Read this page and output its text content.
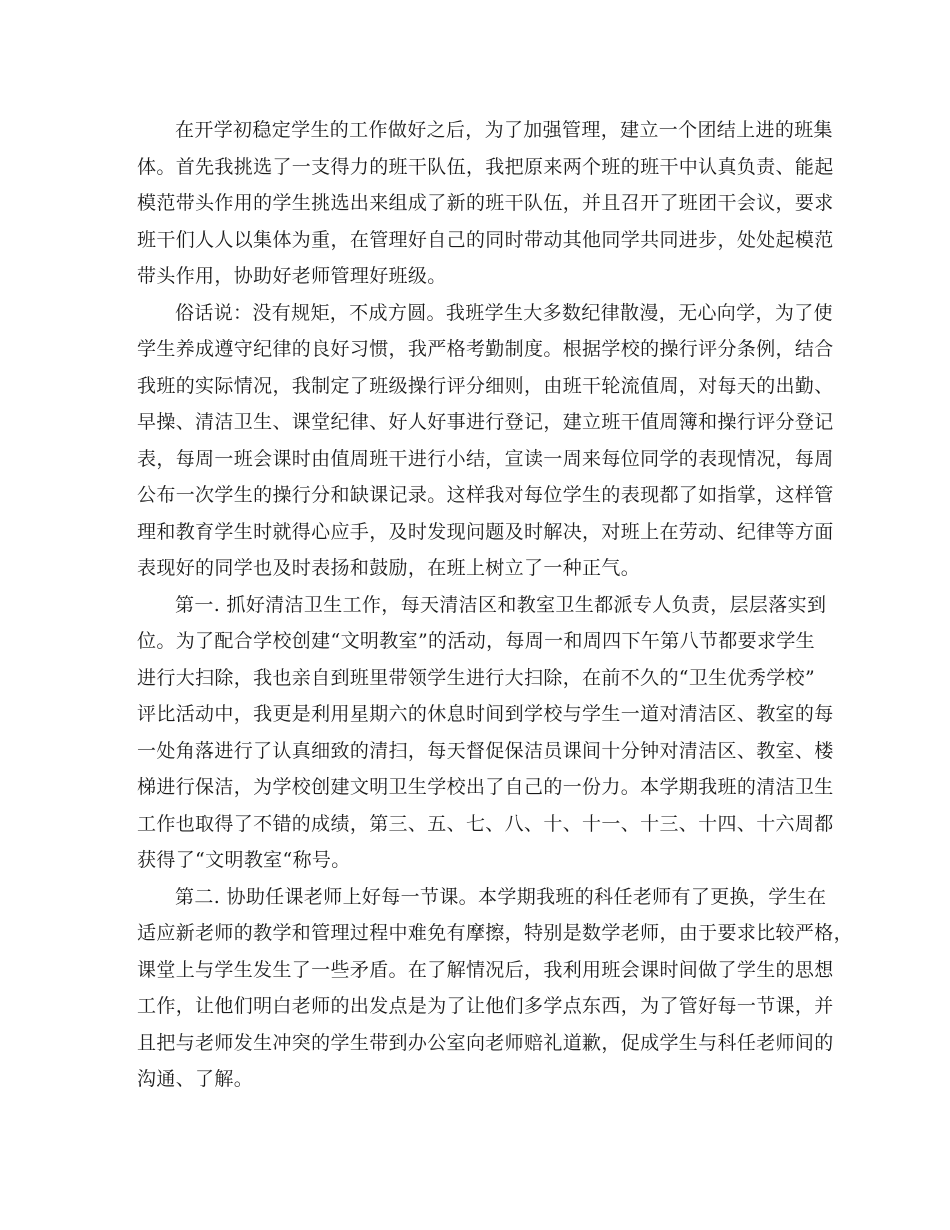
在开学初稳定学生的工作做好之后，为了加强管理，建立一个团结上进的班集
体。首先我挑选了一支得力的班干队伍，我把原来两个班的班干中认真负责、能起
模范带头作用的学生挑选出来组成了新的班干队伍，并且召开了班团干会议，要求
班干们人人以集体为重，在管理好自己的同时带动其他同学共同进步，处处起模范
带头作用，协助好老师管理好班级。

俗话说：没有规矩，不成方圆。我班学生大多数纪律散漫，无心向学，为了使
学生养成遵守纪律的良好习惯，我严格考勤制度。根据学校的操行评分条例，结合
我班的实际情况，我制定了班级操行评分细则，由班干轮流值周，对每天的出勤、
早操、清洁卫生、课堂纪律、好人好事进行登记，建立班干值周簿和操行评分登记
表，每周一班会课时由值周班干进行小结，宣读一周来每位同学的表现情况，每周
公布一次学生的操行分和缺课记录。这样我对每位学生的表现都了如指掌，这样管
理和教育学生时就得心应手，及时发现问题及时解决，对班上在劳动、纪律等方面
表现好的同学也及时表扬和鼓励，在班上树立了一种正气。

第一. 抓好清洁卫生工作，每天清洁区和教室卫生都派专人负责，层层落实到
位。为了配合学校创建“文明教室”的活动，每周一和周四下午第八节都要求学生
进行大扫除，我也亲自到班里带领学生进行大扫除，在前不久的“卫生优秀学校”
评比活动中，我更是利用星期六的休息时间到学校与学生一道对清洁区、教室的每
一处角落进行了认真细致的清扫，每天督促保洁员课间十分钟对清洁区、教室、楼
梯进行保洁，为学校创建文明卫生学校出了自己的一份力。本学期我班的清洁卫生
工作也取得了不错的成绩，第三、五、七、八、十、十一、十三、十四、十六周都
获得了“文明教室“称号。

第二. 协助任课老师上好每一节课。本学期我班的科任老师有了更换，学生在
适应新老师的教学和管理过程中难免有摩擦，特别是数学老师，由于要求比较严格，
课堂上与学生发生了一些矛盾。在了解情况后，我利用班会课时间做了学生的思想
工作，让他们明白老师的出发点是为了让他们多学点东西，为了管好每一节课，并
且把与老师发生冲突的学生带到办公室向老师赔礼道歉，促成学生与科任老师间的
沟通、了解。
